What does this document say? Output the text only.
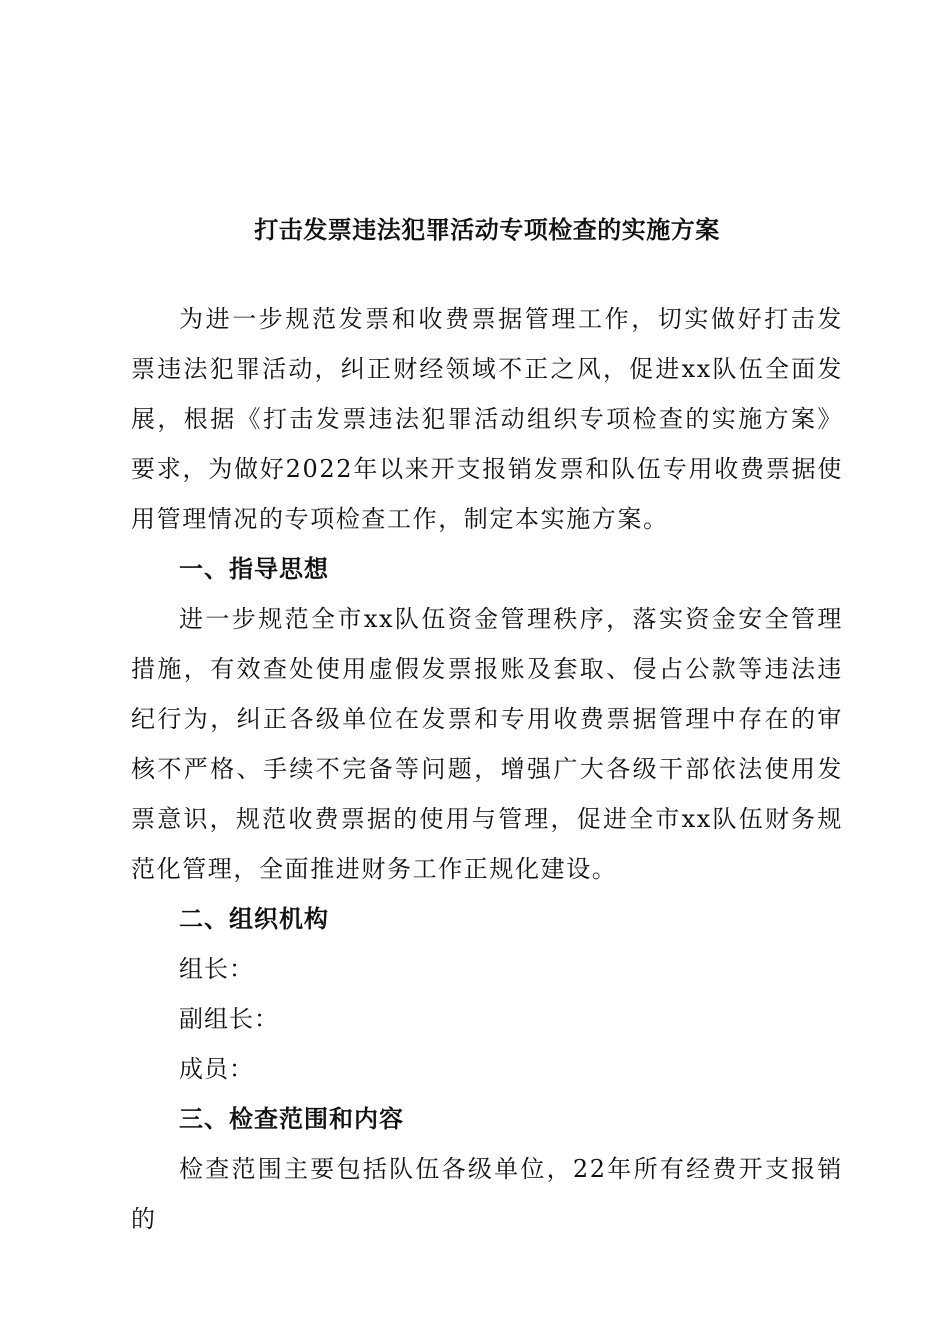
打击发票违法犯罪活动专项检查的实施方案

为进一步规范发票和收费票据管理工作，切实做好打击发票违法犯罪活动，纠正财经领域不正之风，促进xx队伍全面发展，根据《打击发票违法犯罪活动组织专项检查的实施方案》要求，为做好2022年以来开支报销发票和队伍专用收费票据使用管理情况的专项检查工作，制定本实施方案。

一、指导思想

进一步规范全市xx队伍资金管理秩序，落实资金安全管理措施，有效查处使用虚假发票报账及套取、侵占公款等违法违纪行为，纠正各级单位在发票和专用收费票据管理中存在的审核不严格、手续不完备等问题，增强广大各级干部依法使用发票意识，规范收费票据的使用与管理，促进全市xx队伍财务规范化管理，全面推进财务工作正规化建设。

二、组织机构

组长：

副组长：

成员：

三、检查范围和内容

检查范围主要包括队伍各级单位，22年所有经费开支报销的
